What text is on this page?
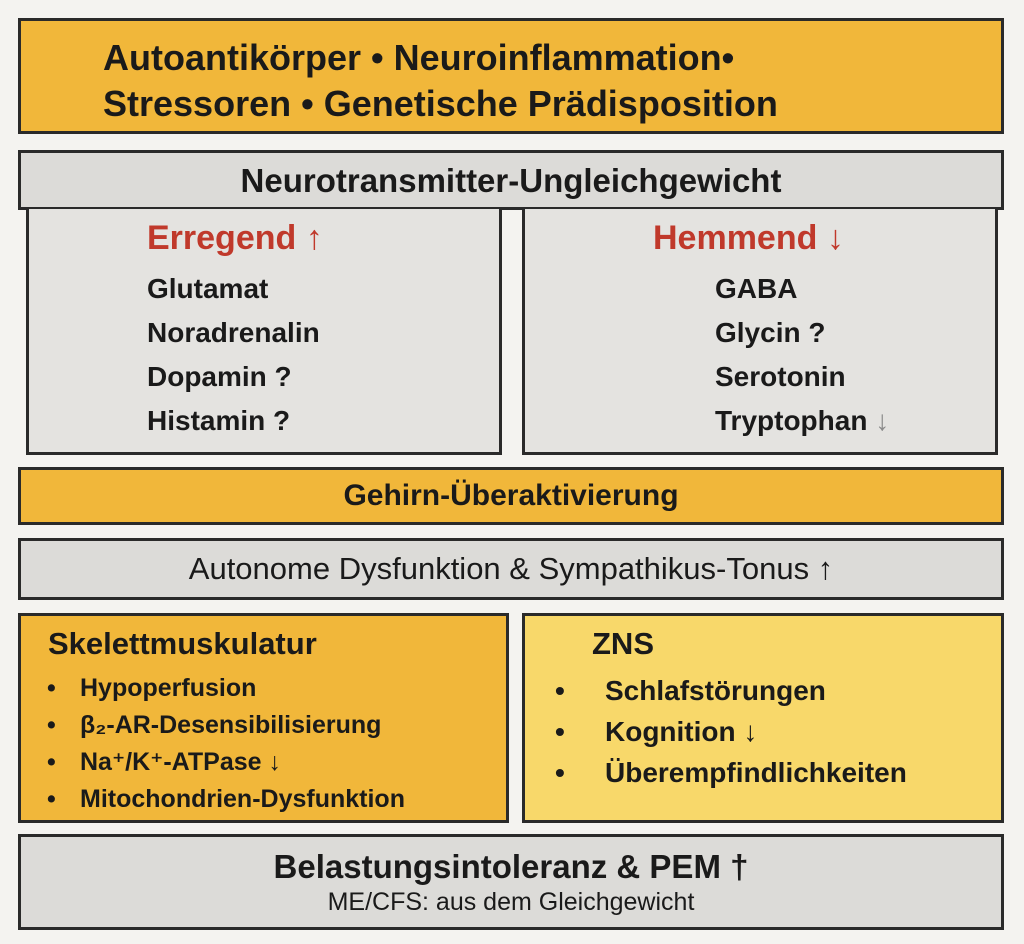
Autoantikörper • Neuroinflammation•
Stressoren • Genetische Prädisposition
Neurotransmitter-Ungleichgewicht
Erregend ↑
Glutamat
Noradrenalin
Dopamin ?
Histamin ?
Hemmend ↓
GABA
Glycin ?
Serotonin
Tryptophan ↓
Gehirn-Überaktivierung
Autonome Dysfunktion & Sympathikus-Tonus ↑
Skelettmuskulatur
• Hypoperfusion
• β₂-AR-Desensibilisierung
• Na⁺/K⁺-ATPase ↓
• Mitochondrien-Dysfunktion
ZNS
• Schlafstörungen
• Kognition ↓
• Überempfindlichkeiten
Belastungsintoleranz & PEM †
ME/CFS: aus dem Gleichgewicht
